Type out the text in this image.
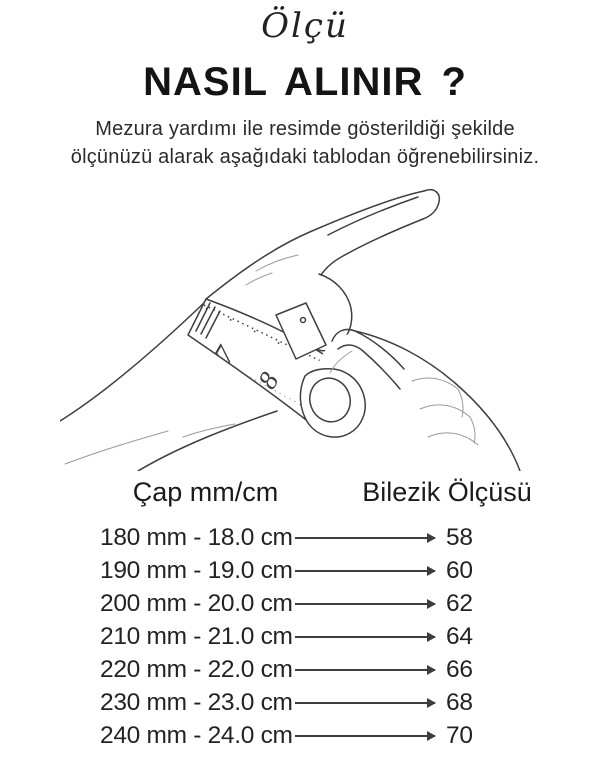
Ölçü
NASIL ALINIR ?

Mezura yardımı ile resimde gösterildiği şekilde
ölçünüzü alarak aşağıdaki tablodan öğrenebilirsiniz.

7
8
Çap mm/cm	Bilezik Ölçüsü
180 mm - 18.0 cm	58
190 mm - 19.0 cm	60
200 mm - 20.0 cm	62
210 mm - 21.0 cm	64
220 mm - 22.0 cm	66
230 mm - 23.0 cm	68
240 mm - 24.0 cm	70
